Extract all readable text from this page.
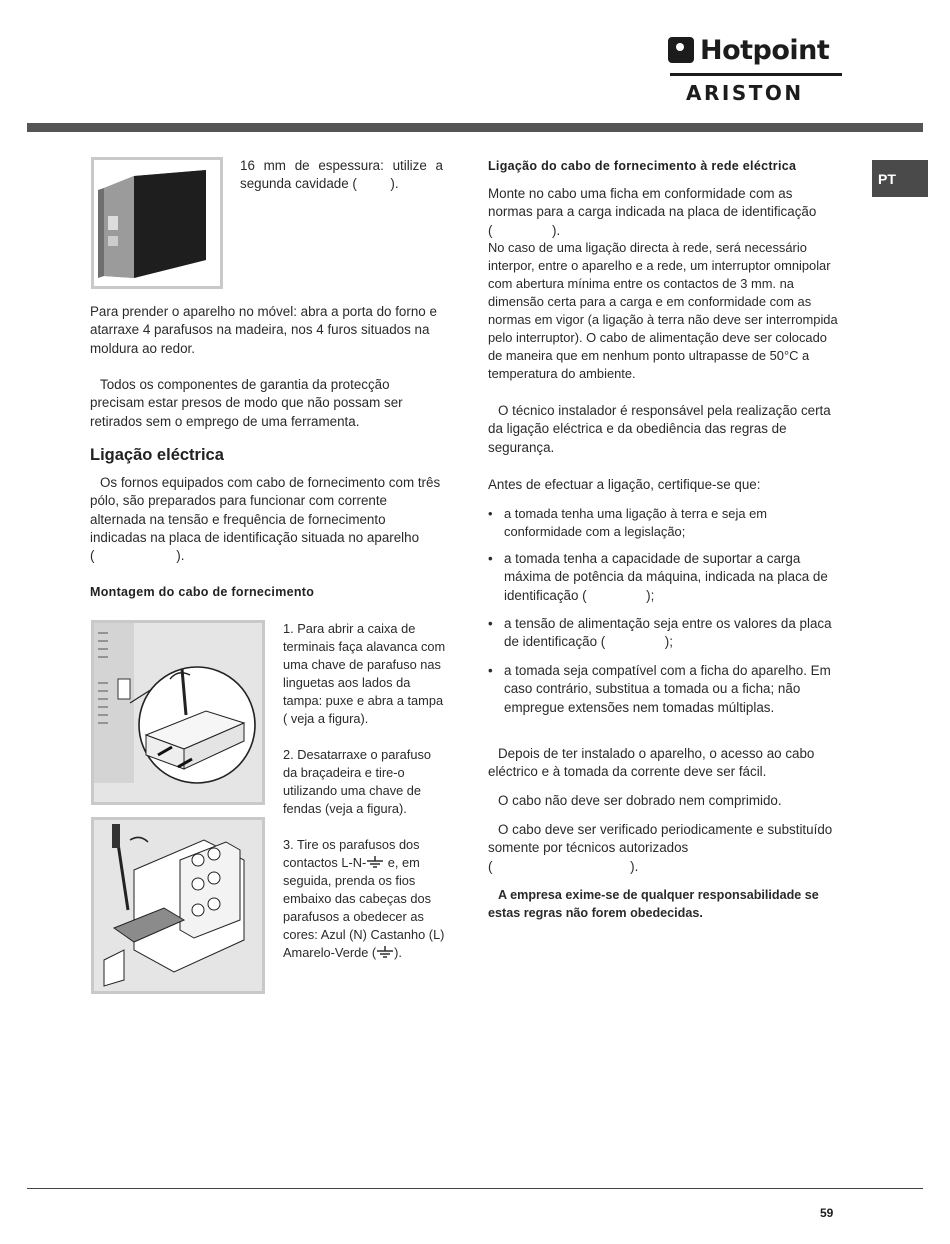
Hotpoint
ARISTON
PT
16 mm de espessura: utilize a segunda cavidade (         ).
Para prender o aparelho no móvel: abra a porta do forno e atarraxe 4 parafusos na madeira, nos 4 furos situados na moldura ao redor.
Todos os componentes de garantia da protecção precisam estar presos de modo que não possam ser retirados sem o emprego de uma ferramenta.
Ligação eléctrica
Os fornos equipados com cabo de fornecimento com três pólo, são preparados para funcionar com corrente alternada na tensão e frequência de fornecimento indicadas na placa de identificação situada no aparelho (                      ).
Montagem do cabo de fornecimento
1. Para abrir a caixa de terminais faça alavanca com uma chave de parafuso nas linguetas aos lados da tampa: puxe e abra a tampa ( veja a figura).
2. Desatarraxe o parafuso da braçadeira e tire-o utilizando uma chave de fendas (veja a figura).
3. Tire os parafusos dos contactos L-N- e, em seguida, prenda os fios embaixo das cabeças dos parafusos a obedecer as cores: Azul (N) Castanho (L) Amarelo-Verde ( ).
Ligação do cabo de fornecimento à rede eléctrica
Monte no cabo uma ficha em conformidade com as normas para a carga indicada na placa de identificação (                ).
No caso de uma ligação directa à rede, será necessário interpor, entre o aparelho e a rede, um interruptor omnipolar com abertura mínima entre os contactos de 3 mm. na dimensão certa para a carga e em conformidade com as normas em vigor (a ligação à terra não deve ser interrompida pelo interruptor). O cabo de alimentação deve ser colocado de maneira que em nenhum ponto ultrapasse de 50°C a temperatura do ambiente.
O técnico instalador é responsável pela realização certa da ligação eléctrica e da obediência das regras de segurança.
Antes de efectuar a ligação, certifique-se que:
• a tomada tenha uma ligação à terra e seja em conformidade com a legislação;
• a tomada tenha a capacidade de suportar a carga máxima de potência da máquina, indicada na placa de identificação (                );
• a tensão de alimentação seja entre os valores da placa de identificação (                );
• a tomada seja compatível com a ficha do aparelho. Em caso contrário, substitua a tomada ou a ficha; não empregue extensões nem tomadas múltiplas.
Depois de ter instalado o aparelho, o acesso ao cabo eléctrico e à tomada da corrente deve ser fácil.
O cabo não deve ser dobrado nem comprimido.
O cabo deve ser verificado periodicamente e substituído somente por técnicos autorizados (                                     ).
A empresa exime-se de qualquer responsabilidade se estas regras não forem obedecidas.
59
